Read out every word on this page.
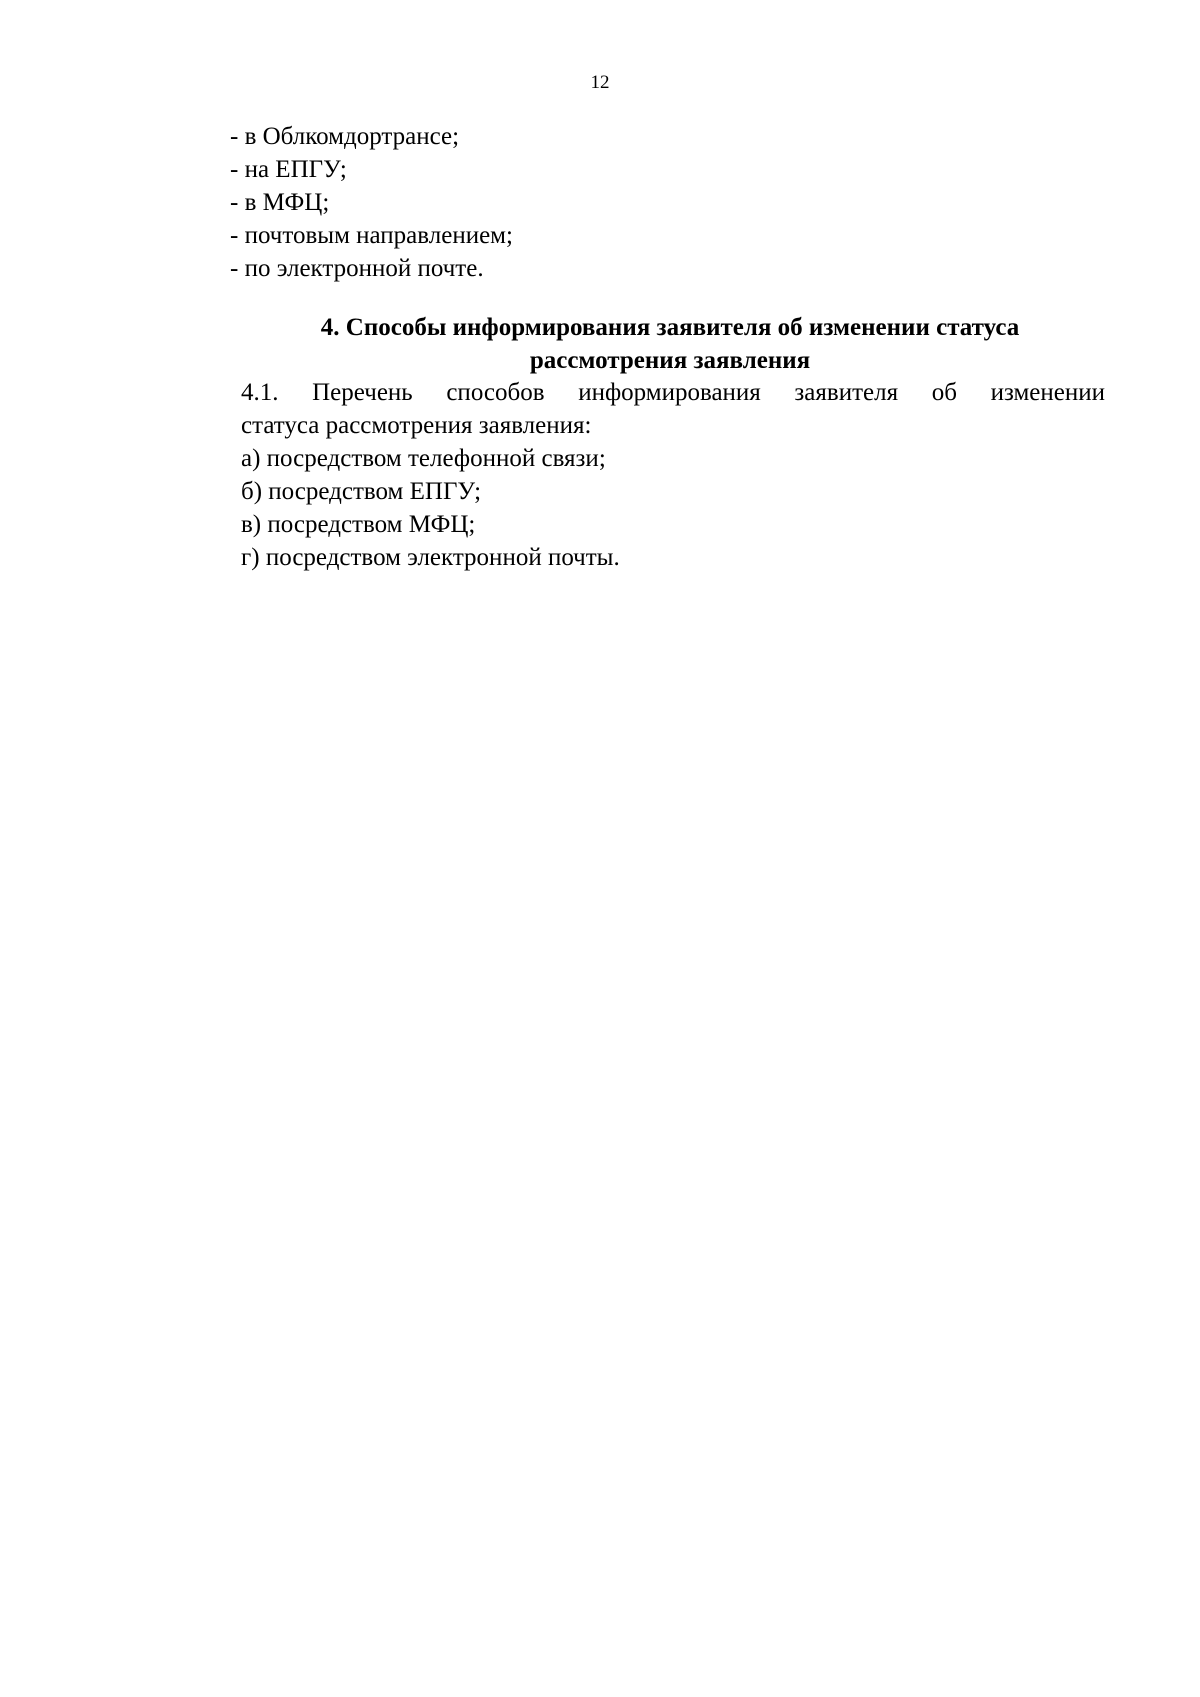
12
- в Облкомдортрансе;
- на ЕПГУ;
- в МФЦ;
- почтовым направлением;
- по электронной почте.
4. Способы информирования заявителя об изменении статуса
рассмотрения заявления
4.1. Перечень способов информирования заявителя об изменении
статуса рассмотрения заявления:
а) посредством телефонной связи;
б) посредством ЕПГУ;
в) посредством МФЦ;
г) посредством электронной почты.
